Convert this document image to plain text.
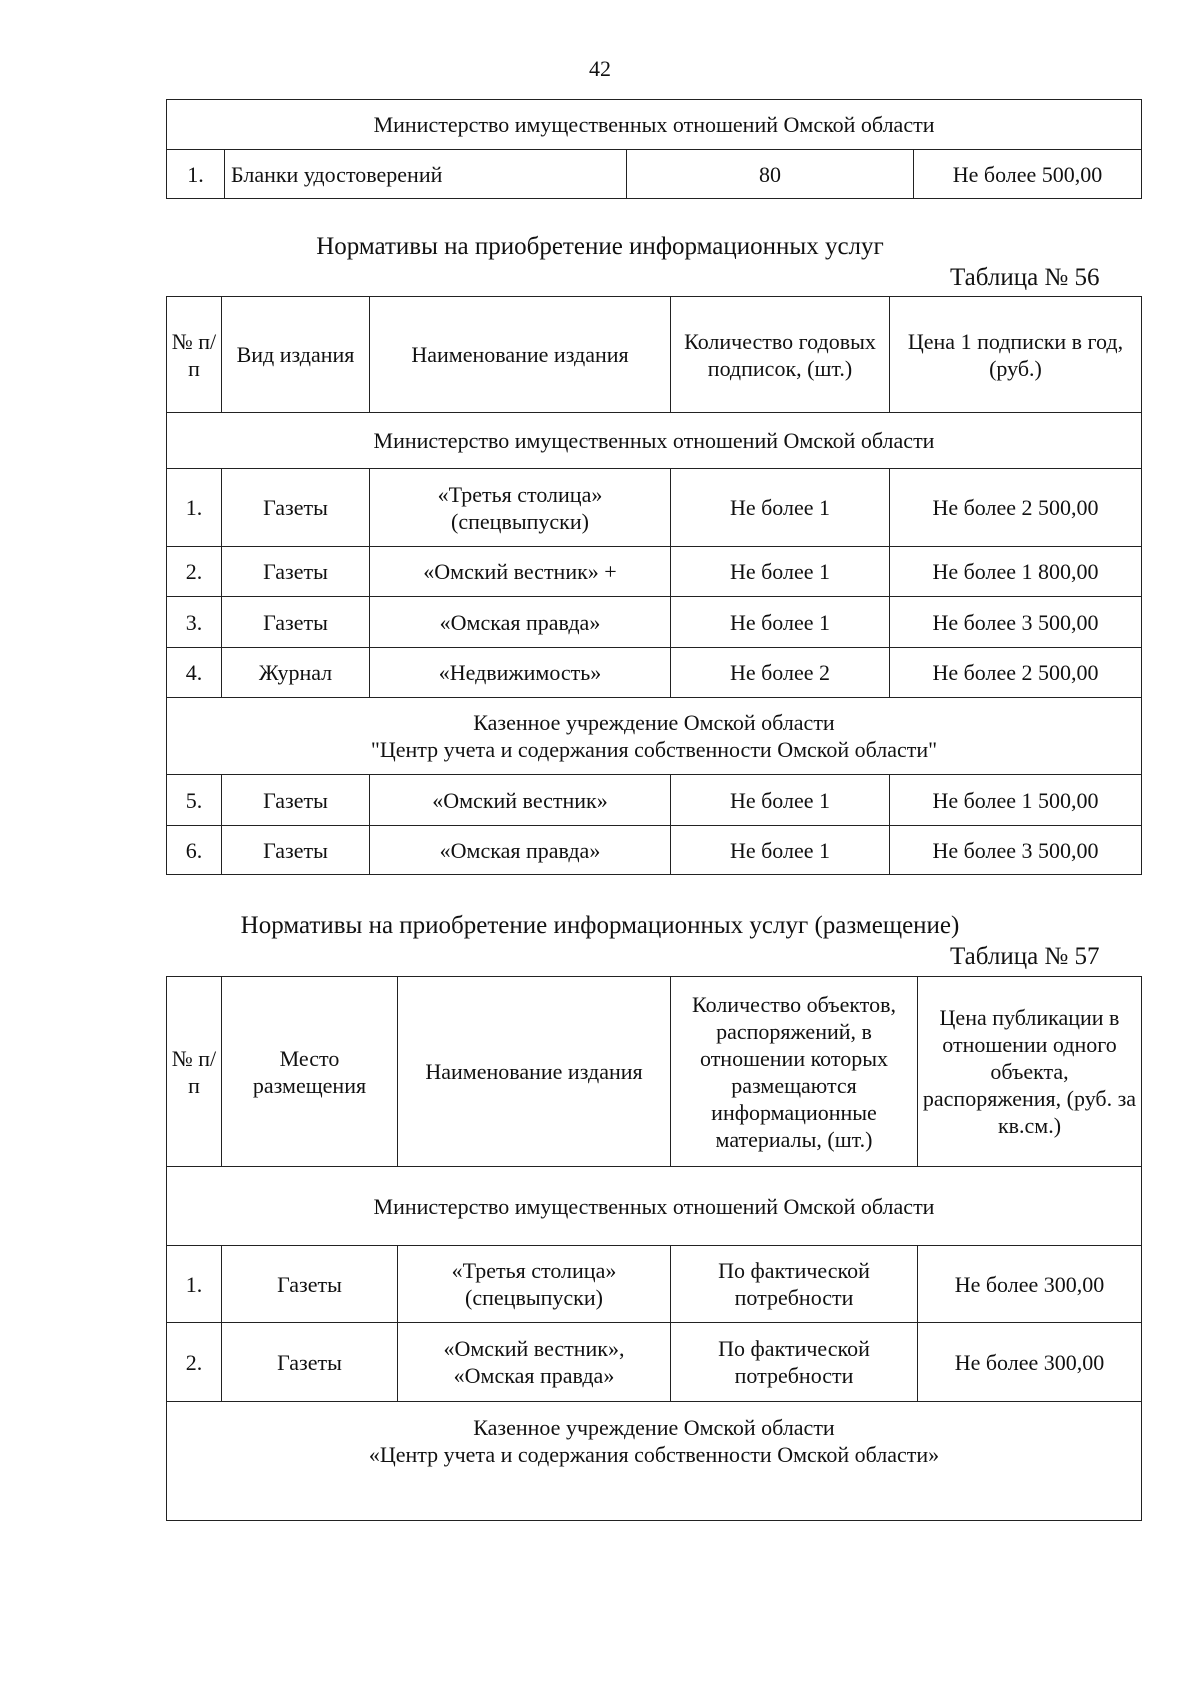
42
Министерство имущественных отношений Омской области
1.	Бланки удостоверений	80	Не более 500,00
Нормативы на приобретение информационных услуг
Таблица № 56
№ п/п	Вид издания	Наименование издания	Количество годовых подписок, (шт.)	Цена 1 подписки в год, (руб.)
Министерство имущественных отношений Омской области				
1.	Газеты	«Третья столица» (спецвыпуски)	Не более 1	Не более 2 500,00
2.	Газеты	«Омский вестник» +	Не более 1	Не более 1 800,00
3.	Газеты	«Омская правда»	Не более 1	Не более 3 500,00
4.	Журнал	«Недвижимость»	Не более 2	Не более 2 500,00

Казенное учреждение Омской области
"Центр учета и содержания собственности Омской области"				

5.	Газеты	«Омский вестник»	Не более 1	Не более 1 500,00
6.	Газеты	«Омская правда»	Не более 1	Не более 3 500,00
Нормативы на приобретение информационных услуг (размещение)
Таблица № 57
№ п/п	Место размещения	Наименование издания	Количество объектов, распоряжений, в отношении которых размещаются информационные материалы, (шт.)	Цена публикации в отношении одного объекта, распоряжения, (руб. за кв.см.)
Министерство имущественных отношений Омской области				
1.	Газеты	«Третья столица» (спецвыпуски)	По фактической потребности	Не более 300,00
2.	Газеты	«Омский вестник», «Омская правда»	По фактической потребности	Не более 300,00

Казенное учреждение Омской области
«Центр учета и содержания собственности Омской области»				
